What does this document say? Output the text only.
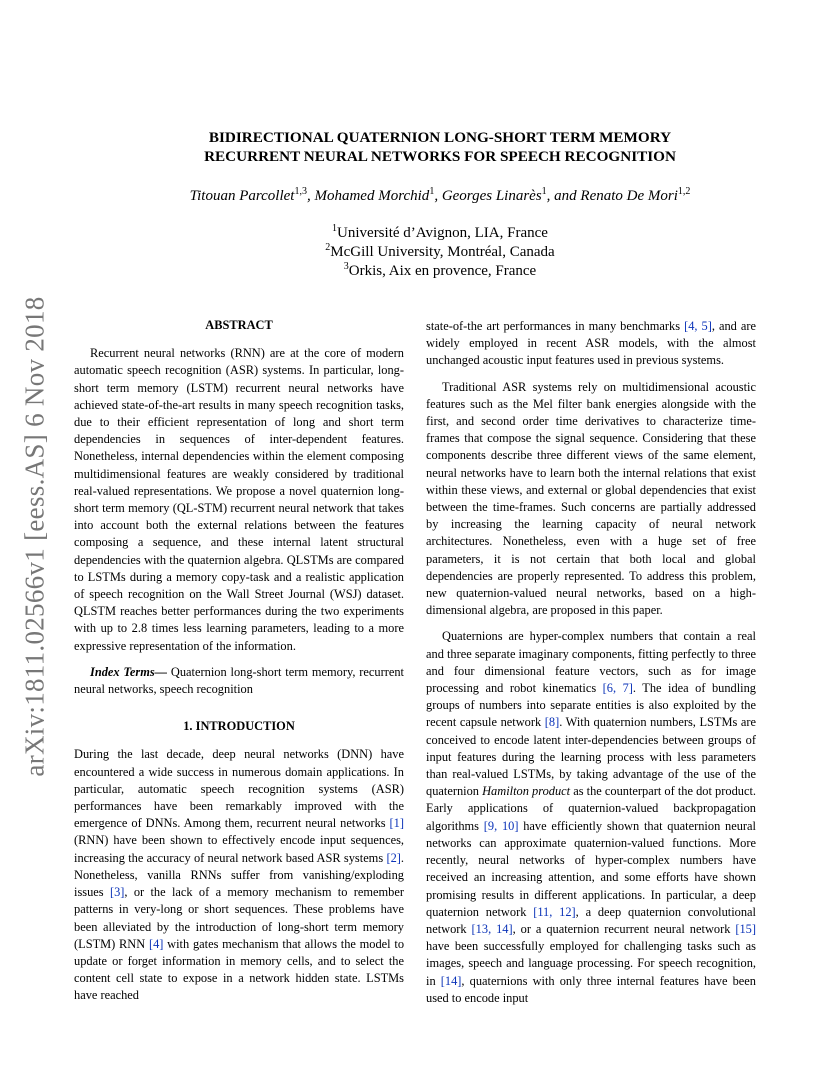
arXiv:1811.02566v1 [eess.AS] 6 Nov 2018
BIDIRECTIONAL QUATERNION LONG-SHORT TERM MEMORY
RECURRENT NEURAL NETWORKS FOR SPEECH RECOGNITION
Titouan Parcollet$^{1,3}$, Mohamed Morchid$^1$, Georges Linarès$^1$, and Renato De Mori$^{1,2}$
$^1$Université d’Avignon, LIA, France
$^2$McGill University, Montréal, Canada
$^3$Orkis, Aix en provence, France
ABSTRACT

Recurrent neural networks (RNN) are at the core of modern automatic speech recognition (ASR) systems. In particular, long-short term memory (LSTM) recurrent neural networks have achieved state-of-the-art results in many speech recognition tasks, due to their efficient representation of long and short term dependencies in sequences of inter-dependent features. Nonetheless, internal dependencies within the element composing multidimensional features are weakly considered by traditional real-valued representations. We propose a novel quaternion long-short term memory (QL-STM) recurrent neural network that takes into account both the external relations between the features composing a sequence, and these internal latent structural dependencies with the quaternion algebra. QLSTMs are compared to LSTMs during a memory copy-task and a realistic application of speech recognition on the Wall Street Journal (WSJ) dataset. QLSTM reaches better performances during the two experiments with up to 2.8 times less learning parameters, leading to a more expressive representation of the information.

Index Terms— Quaternion long-short term memory, recurrent neural networks, speech recognition

1. INTRODUCTION

During the last decade, deep neural networks (DNN) have encountered a wide success in numerous domain applications. In particular, automatic speech recognition systems (ASR) performances have been remarkably improved with the emergence of DNNs. Among them, recurrent neural networks [1] (RNN) have been shown to effectively encode input sequences, increasing the accuracy of neural network based ASR systems [2]. Nonetheless, vanilla RNNs suffer from vanishing/exploding issues [3], or the lack of a memory mechanism to remember patterns in very-long or short sequences. These problems have been alleviated by the introduction of long-short term memory (LSTM) RNN [4] with gates mechanism that allows the model to update or forget information in memory cells, and to select the content cell state to expose in a network hidden state. LSTMs have reached

state-of-the art performances in many benchmarks [4, 5], and are widely employed in recent ASR models, with the almost unchanged acoustic input features used in previous systems.

Traditional ASR systems rely on multidimensional acoustic features such as the Mel filter bank energies alongside with the first, and second order time derivatives to characterize time-frames that compose the signal sequence. Considering that these components describe three different views of the same element, neural networks have to learn both the internal relations that exist within these views, and external or global dependencies that exist between the time-frames. Such concerns are partially addressed by increasing the learning capacity of neural network architectures. Nonetheless, even with a huge set of free parameters, it is not certain that both local and global dependencies are properly represented. To address this problem, new quaternion-valued neural networks, based on a high-dimensional algebra, are proposed in this paper.

Quaternions are hyper-complex numbers that contain a real and three separate imaginary components, fitting perfectly to three and four dimensional feature vectors, such as for image processing and robot kinematics [6, 7]. The idea of bundling groups of numbers into separate entities is also exploited by the recent capsule network [8]. With quaternion numbers, LSTMs are conceived to encode latent inter-dependencies between groups of input features during the learning process with less parameters than real-valued LSTMs, by taking advantage of the use of the quaternion Hamilton product as the counterpart of the dot product. Early applications of quaternion-valued backpropagation algorithms [9, 10] have efficiently shown that quaternion neural networks can approximate quaternion-valued functions. More recently, neural networks of hyper-complex numbers have received an increasing attention, and some efforts have shown promising results in different applications. In particular, a deep quaternion network [11, 12], a deep quaternion convolutional network [13, 14], or a quaternion recurrent neural network [15] have been successfully employed for challenging tasks such as images, speech and language processing. For speech recognition, in [14], quaternions with only three internal features have been used to encode input
